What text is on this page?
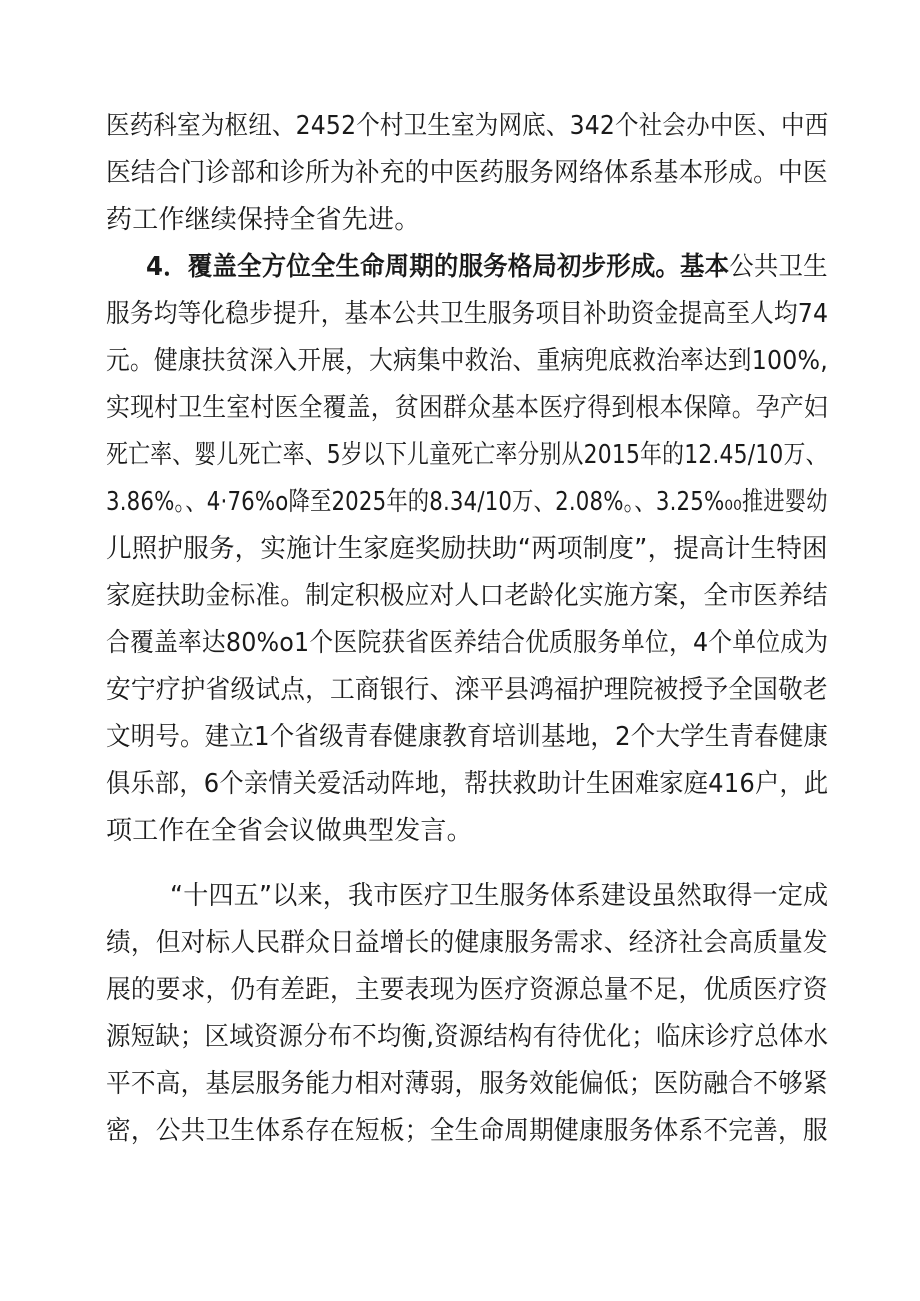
医药科室为枢纽、2452个村卫生室为网底、342个社会办中医、中西
医结合门诊部和诊所为补充的中医药服务网络体系基本形成。中医
药工作继续保持全省先进。
4．覆盖全方位全生命周期的服务格局初步形成。基本公共卫生
服务均等化稳步提升，基本公共卫生服务项目补助资金提高至人均74
元。健康扶贫深入开展，大病集中救治、重病兜底救治率达到100%,
实现村卫生室村医全覆盖，贫困群众基本医疗得到根本保障。孕产妇
死亡率、婴儿死亡率、5岁以下儿童死亡率分别从2015年的12.45/10万、
3.86%。、4·76%o降至2025年的8.34/10万、2.08%。、3.25%₀₀推进婴幼
儿照护服务，实施计生家庭奖励扶助“两项制度”，提高计生特困
家庭扶助金标准。制定积极应对人口老龄化实施方案，全市医养结
合覆盖率达80%o1个医院获省医养结合优质服务单位，4个单位成为
安宁疗护省级试点，工商银行、滦平县鸿福护理院被授予全国敬老
文明号。建立1个省级青春健康教育培训基地，2个大学生青春健康
俱乐部，6个亲情关爱活动阵地，帮扶救助计生困难家庭416户，此
项工作在全省会议做典型发言。
“十四五”以来，我市医疗卫生服务体系建设虽然取得一定成
绩，但对标人民群众日益增长的健康服务需求、经济社会高质量发
展的要求，仍有差距，主要表现为医疗资源总量不足，优质医疗资
源短缺；区域资源分布不均衡,资源结构有待优化；临床诊疗总体水
平不高，基层服务能力相对薄弱，服务效能偏低；医防融合不够紧
密，公共卫生体系存在短板；全生命周期健康服务体系不完善，服
